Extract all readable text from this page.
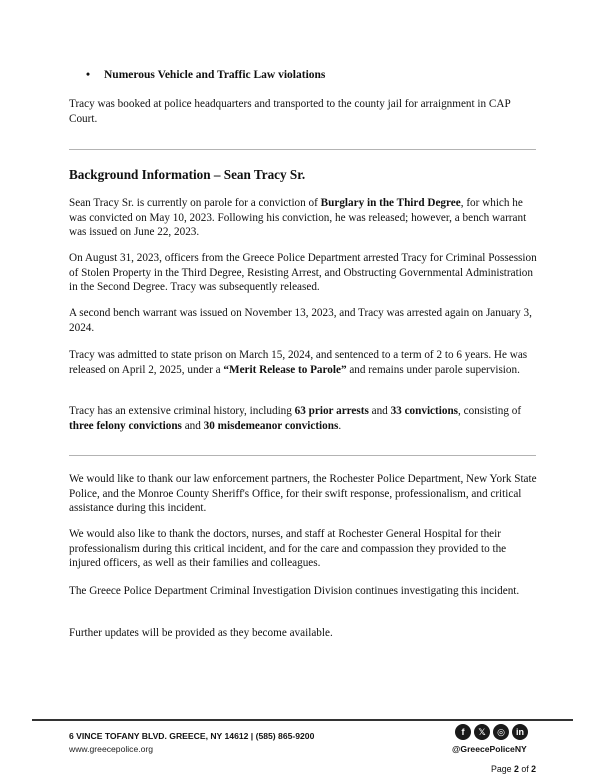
• Numerous Vehicle and Traffic Law violations
Tracy was booked at police headquarters and transported to the county jail for arraignment in CAP Court.
Background Information – Sean Tracy Sr.
Sean Tracy Sr. is currently on parole for a conviction of Burglary in the Third Degree, for which he was convicted on May 10, 2023. Following his conviction, he was released; however, a bench warrant was issued on June 22, 2023.
On August 31, 2023, officers from the Greece Police Department arrested Tracy for Criminal Possession of Stolen Property in the Third Degree, Resisting Arrest, and Obstructing Governmental Administration in the Second Degree. Tracy was subsequently released.
A second bench warrant was issued on November 13, 2023, and Tracy was arrested again on January 3, 2024.
Tracy was admitted to state prison on March 15, 2024, and sentenced to a term of 2 to 6 years. He was released on April 2, 2025, under a “Merit Release to Parole” and remains under parole supervision.
Tracy has an extensive criminal history, including 63 prior arrests and 33 convictions, consisting of three felony convictions and 30 misdemeanor convictions.
We would like to thank our law enforcement partners, the Rochester Police Department, New York State Police, and the Monroe County Sheriff's Office, for their swift response, professionalism, and critical assistance during this incident.
We would also like to thank the doctors, nurses, and staff at Rochester General Hospital for their professionalism during this critical incident, and for the care and compassion they provided to the injured officers, as well as their families and colleagues.
The Greece Police Department Criminal Investigation Division continues investigating this incident.
Further updates will be provided as they become available.
6 VINCE TOFANY BLVD. GREECE, NY 14612 | (585) 865-9200
www.greecepolice.org
f	𝕏	◎	in
@GreecePoliceNY
Page 2 of 2
